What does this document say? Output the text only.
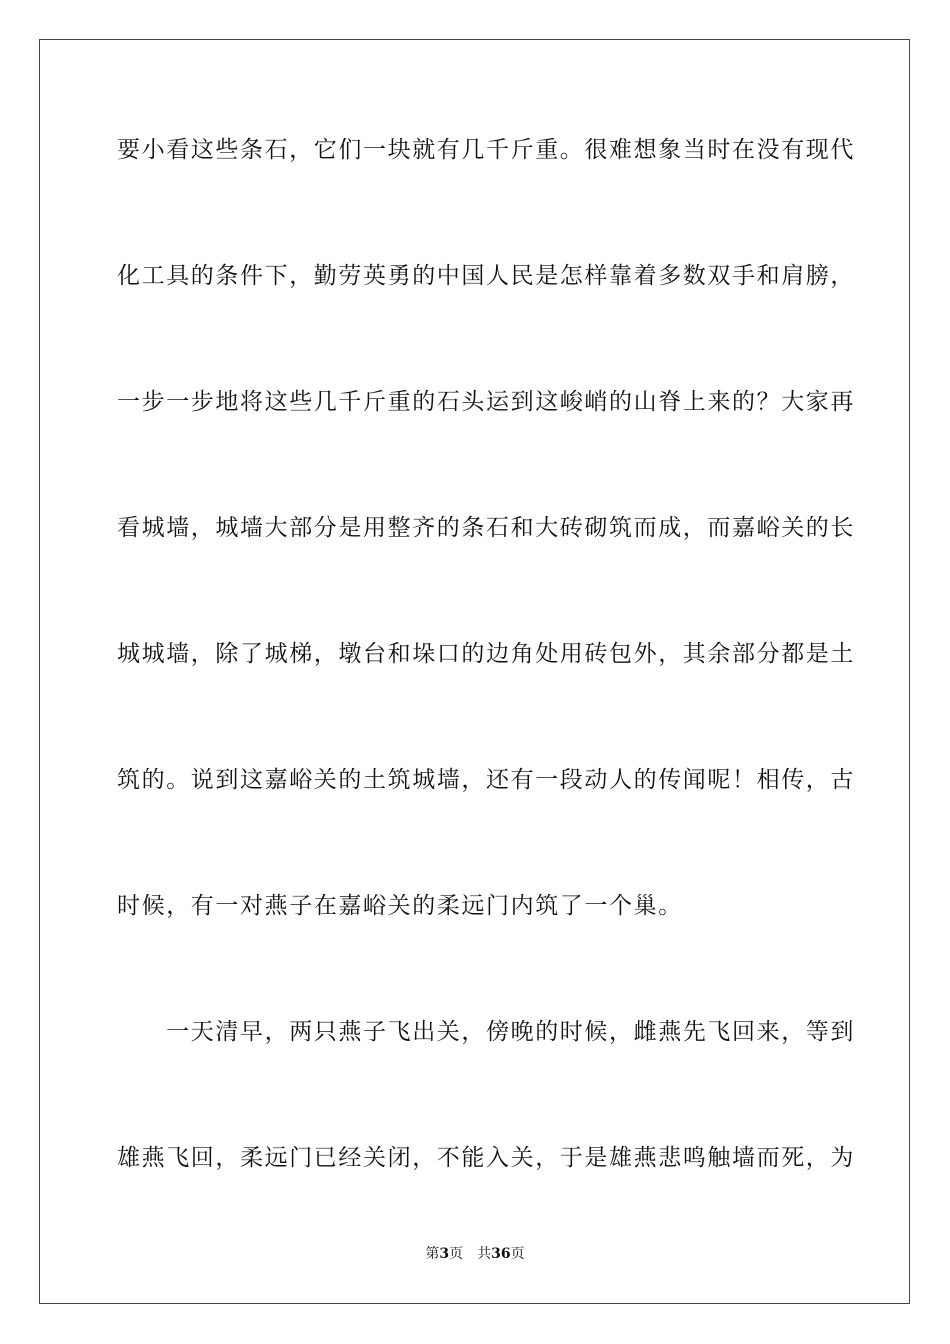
要小看这些条石，它们一块就有几千斤重。很难想象当时在没有现代
化工具的条件下，勤劳英勇的中国人民是怎样靠着多数双手和肩膀，
一步一步地将这些几千斤重的石头运到这峻峭的山脊上来的？大家再
看城墙，城墙大部分是用整齐的条石和大砖砌筑而成，而嘉峪关的长
城城墙，除了城梯，墩台和垛口的边角处用砖包外，其余部分都是土
筑的。说到这嘉峪关的土筑城墙，还有一段动人的传闻呢！相传，古
时候，有一对燕子在嘉峪关的柔远门内筑了一个巢。
　　一天清早，两只燕子飞出关，傍晚的时候，雌燕先飞回来，等到
雄燕飞回，柔远门已经关闭，不能入关，于是雄燕悲鸣触墙而死，为
第3页 共36页
